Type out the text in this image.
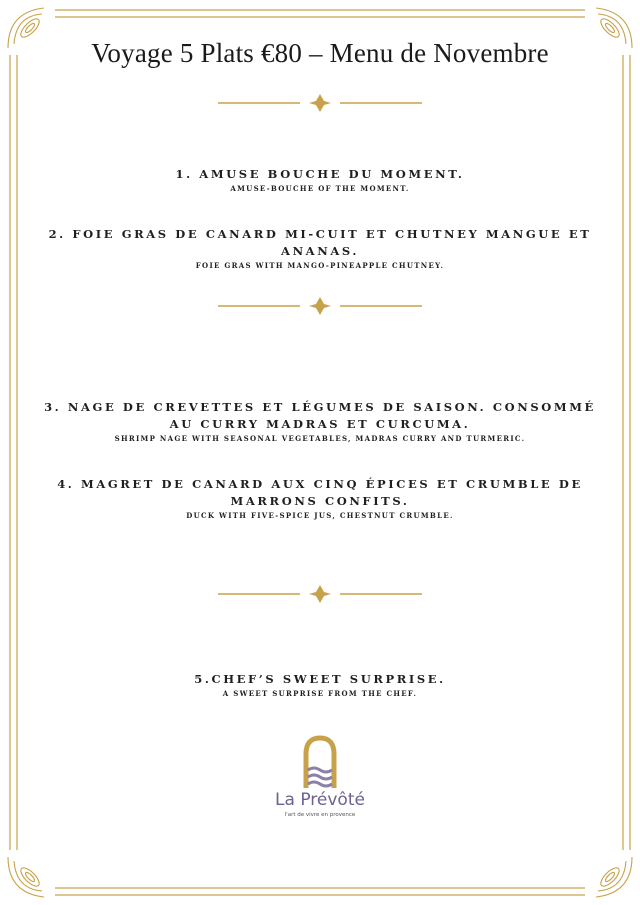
Voyage 5 Plats €80 – Menu de Novembre
1. AMUSE BOUCHE DU MOMENT.
AMUSE-BOUCHE OF THE MOMENT.
2. FOIE GRAS DE CANARD MI-CUIT ET CHUTNEY MANGUE ET ANANAS.
FOIE GRAS WITH MANGO-PINEAPPLE CHUTNEY.
3. NAGE DE CREVETTES ET LÉGUMES DE SAISON. CONSOMMÉ AU CURRY MADRAS ET CURCUMA.
SHRIMP NAGE WITH SEASONAL VEGETABLES, MADRAS CURRY AND TURMERIC.
4. MAGRET DE CANARD AUX CINQ ÉPICES ET CRUMBLE DE MARRONS CONFITS.
DUCK WITH FIVE-SPICE JUS, CHESTNUT CRUMBLE.
5.CHEF’S SWEET SURPRISE.
A SWEET SURPRISE FROM THE CHEF.
La Prévôté
l'art de vivre en provence
